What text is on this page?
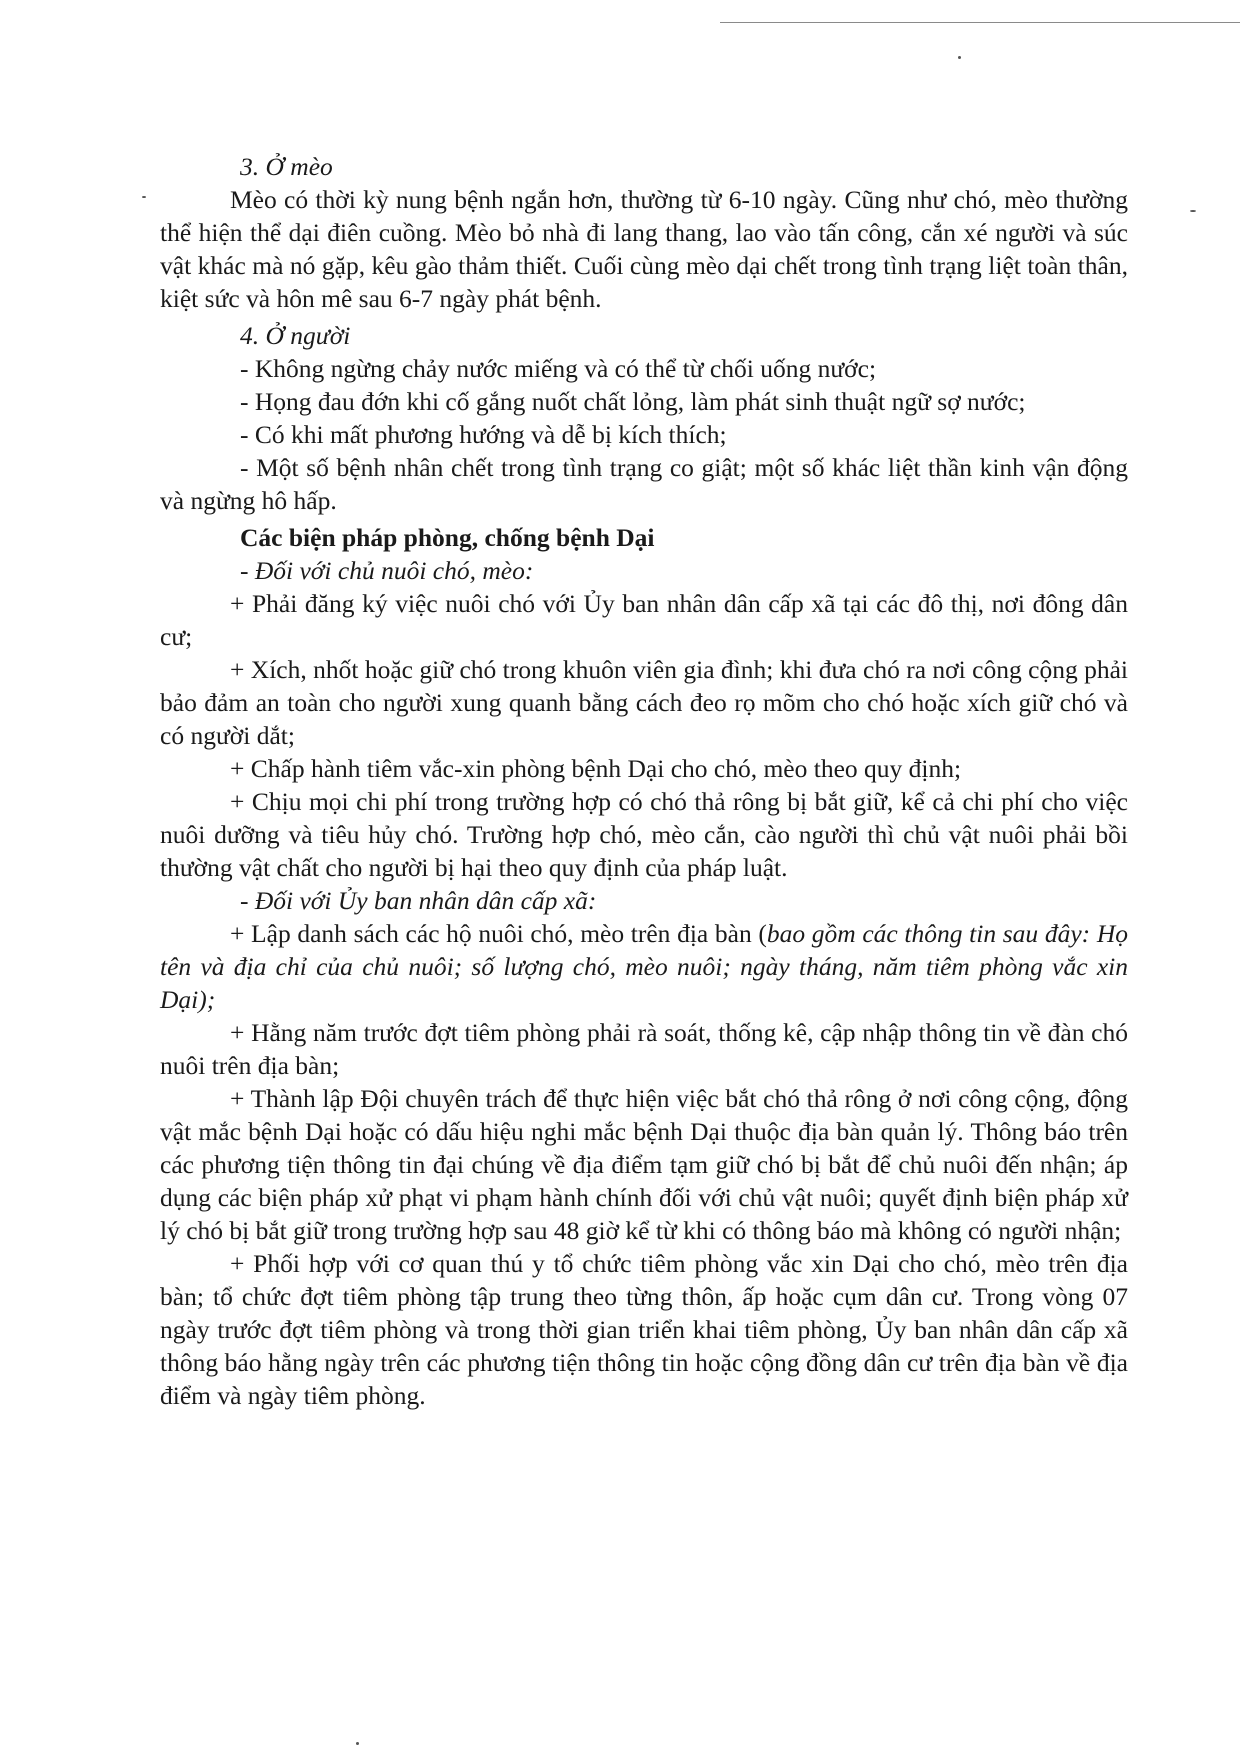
3. Ở mèo

Mèo có thời kỳ nung bệnh ngắn hơn, thường từ 6-10 ngày. Cũng như chó, mèo thường thể hiện thể dại điên cuồng. Mèo bỏ nhà đi lang thang, lao vào tấn công, cắn xé người và súc vật khác mà nó gặp, kêu gào thảm thiết. Cuối cùng mèo dại chết trong tình trạng liệt toàn thân, kiệt sức và hôn mê sau 6-7 ngày phát bệnh.

4. Ở người

- Không ngừng chảy nước miếng và có thể từ chối uống nước;

- Họng đau đớn khi cố gắng nuốt chất lỏng, làm phát sinh thuật ngữ sợ nước;

- Có khi mất phương hướng và dễ bị kích thích;

- Một số bệnh nhân chết trong tình trạng co giật; một số khác liệt thần kinh vận động và ngừng hô hấp.

Các biện pháp phòng, chống bệnh Dại

- Đối với chủ nuôi chó, mèo:

+ Phải đăng ký việc nuôi chó với Ủy ban nhân dân cấp xã tại các đô thị, nơi đông dân cư;

+ Xích, nhốt hoặc giữ chó trong khuôn viên gia đình; khi đưa chó ra nơi công cộng phải bảo đảm an toàn cho người xung quanh bằng cách đeo rọ mõm cho chó hoặc xích giữ chó và có người dắt;

+ Chấp hành tiêm vắc-xin phòng bệnh Dại cho chó, mèo theo quy định;

+ Chịu mọi chi phí trong trường hợp có chó thả rông bị bắt giữ, kể cả chi phí cho việc nuôi dưỡng và tiêu hủy chó. Trường hợp chó, mèo cắn, cào người thì chủ vật nuôi phải bồi thường vật chất cho người bị hại theo quy định của pháp luật.

- Đối với Ủy ban nhân dân cấp xã:

+ Lập danh sách các hộ nuôi chó, mèo trên địa bàn (bao gồm các thông tin sau đây: Họ tên và địa chỉ của chủ nuôi; số lượng chó, mèo nuôi; ngày tháng, năm tiêm phòng vắc xin Dại);

+ Hằng năm trước đợt tiêm phòng phải rà soát, thống kê, cập nhập thông tin về đàn chó nuôi trên địa bàn;

+ Thành lập Đội chuyên trách để thực hiện việc bắt chó thả rông ở nơi công cộng, động vật mắc bệnh Dại hoặc có dấu hiệu nghi mắc bệnh Dại thuộc địa bàn quản lý. Thông báo trên các phương tiện thông tin đại chúng về địa điểm tạm giữ chó bị bắt để chủ nuôi đến nhận; áp dụng các biện pháp xử phạt vi phạm hành chính đối với chủ vật nuôi; quyết định biện pháp xử lý chó bị bắt giữ trong trường hợp sau 48 giờ kể từ khi có thông báo mà không có người nhận;

+ Phối hợp với cơ quan thú y tổ chức tiêm phòng vắc xin Dại cho chó, mèo trên địa bàn; tổ chức đợt tiêm phòng tập trung theo từng thôn, ấp hoặc cụm dân cư. Trong vòng 07 ngày trước đợt tiêm phòng và trong thời gian triển khai tiêm phòng, Ủy ban nhân dân cấp xã thông báo hằng ngày trên các phương tiện thông tin hoặc cộng đồng dân cư trên địa bàn về địa điểm và ngày tiêm phòng.
